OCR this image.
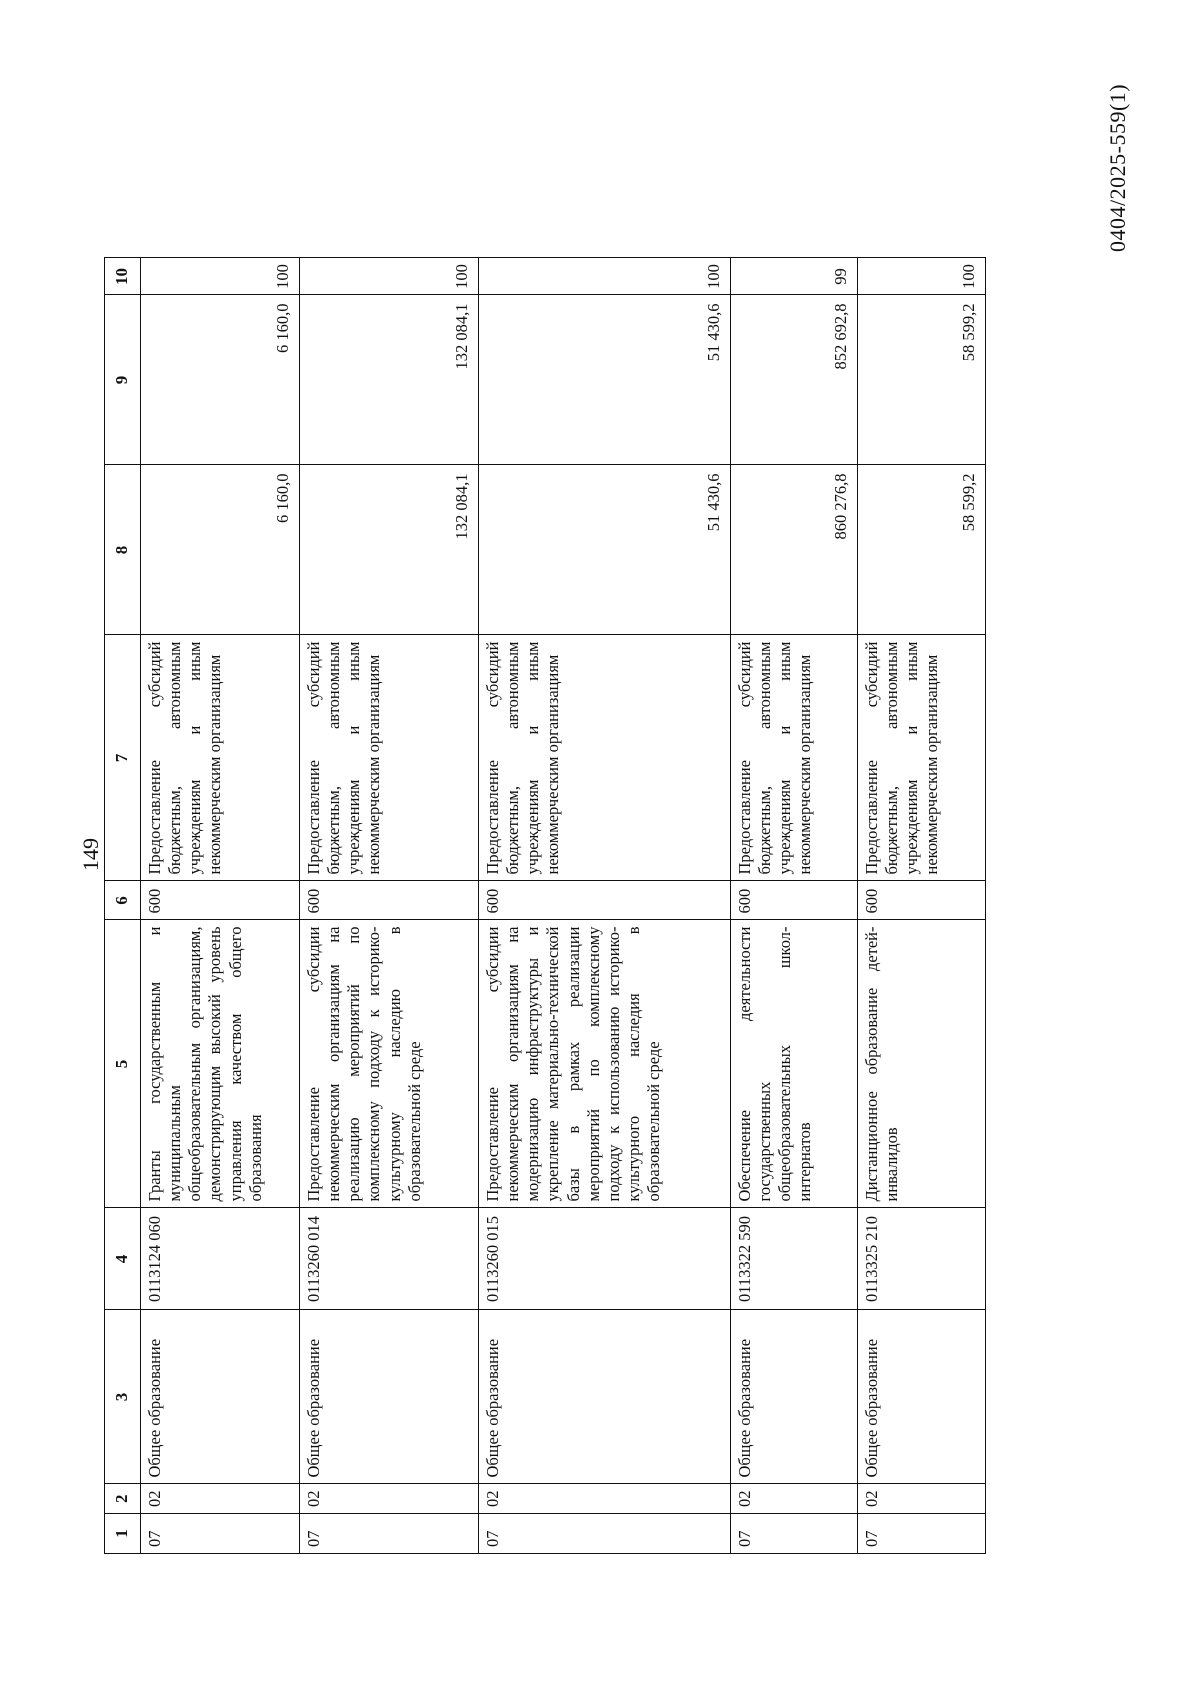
149
1	2	3	4	5	6	7	8	9	10
07	02	Общее образование	0113124 060	Гранты государственным и муниципальным общеобразовательным организациям, демонстрирующим высокий уровень управления качеством общего образования	600	Предоставление субсидий бюджетным, автономным учреждениям и иным некоммерческим организациям	6 160,0	6 160,0	100

07	02	Общее образование	0113260 014	Предоставление субсидии некоммерческим организациям на реализацию мероприятий по комплексному подходу к историко-культурному наследию в образовательной среде	600	Предоставление субсидий бюджетным, автономным учреждениям и иным некоммерческим организациям	132 084,1	132 084,1	100

07	02	Общее образование	0113260 015	Предоставление субсидии некоммерческим организациям на модернизацию инфраструктуры и укрепление материально-технической базы в рамках реализации мероприятий по комплексному подходу к использованию историко-культурного наследия в образовательной среде	600	Предоставление субсидий бюджетным, автономным учреждениям и иным некоммерческим организациям	51 430,6	51 430,6	100

07	02	Общее образование	0113322 590	Обеспечение деятельности государственных общеобразовательных школ-интернатов	600	Предоставление субсидий бюджетным, автономным учреждениям и иным некоммерческим организациям	860 276,8	852 692,8	99

07	02	Общее образование	0113325 210	Дистанционное образование детей-инвалидов	600	Предоставление субсидий бюджетным, автономным учреждениям и иным некоммерческим организациям	58 599,2	58 599,2	100
0404/2025-559(1)
